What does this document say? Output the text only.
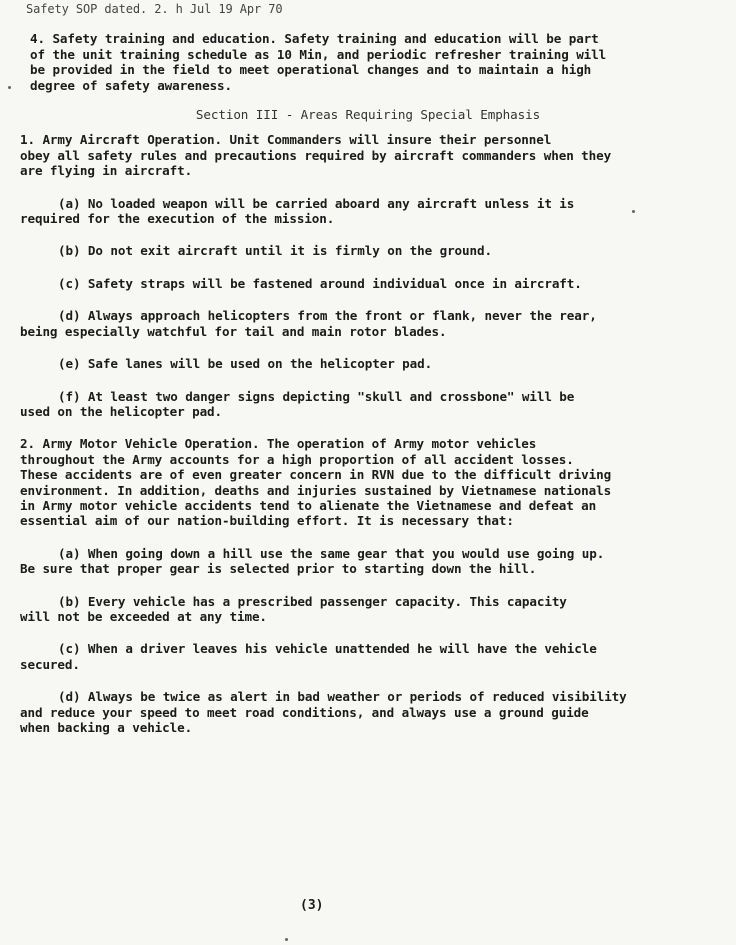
Safety SOP dated. 2. h Jul 19 Apr 70
4. Safety training and education. Safety training and education will be part
of the unit training schedule as 10 Min, and periodic refresher training will
be provided in the field to meet operational changes and to maintain a high
degree of safety awareness.
Section III - Areas Requiring Special Emphasis
1. Army Aircraft Operation. Unit Commanders will insure their personnel
obey all safety rules and precautions required by aircraft commanders when they
are flying in aircraft.
(a) No loaded weapon will be carried aboard any aircraft unless it is
required for the execution of the mission.
(b) Do not exit aircraft until it is firmly on the ground.
(c) Safety straps will be fastened around individual once in aircraft.
(d) Always approach helicopters from the front or flank, never the rear,
being especially watchful for tail and main rotor blades.
(e) Safe lanes will be used on the helicopter pad.
(f) At least two danger signs depicting "skull and crossbone" will be
used on the helicopter pad.
2. Army Motor Vehicle Operation. The operation of Army motor vehicles
throughout the Army accounts for a high proportion of all accident losses.
These accidents are of even greater concern in RVN due to the difficult driving
environment. In addition, deaths and injuries sustained by Vietnamese nationals
in Army motor vehicle accidents tend to alienate the Vietnamese and defeat an
essential aim of our nation-building effort. It is necessary that:
(a) When going down a hill use the same gear that you would use going up.
Be sure that proper gear is selected prior to starting down the hill.
(b) Every vehicle has a prescribed passenger capacity. This capacity
will not be exceeded at any time.
(c) When a driver leaves his vehicle unattended he will have the vehicle
secured.
(d) Always be twice as alert in bad weather or periods of reduced visibility
and reduce your speed to meet road conditions, and always use a ground guide
when backing a vehicle.
(3)
